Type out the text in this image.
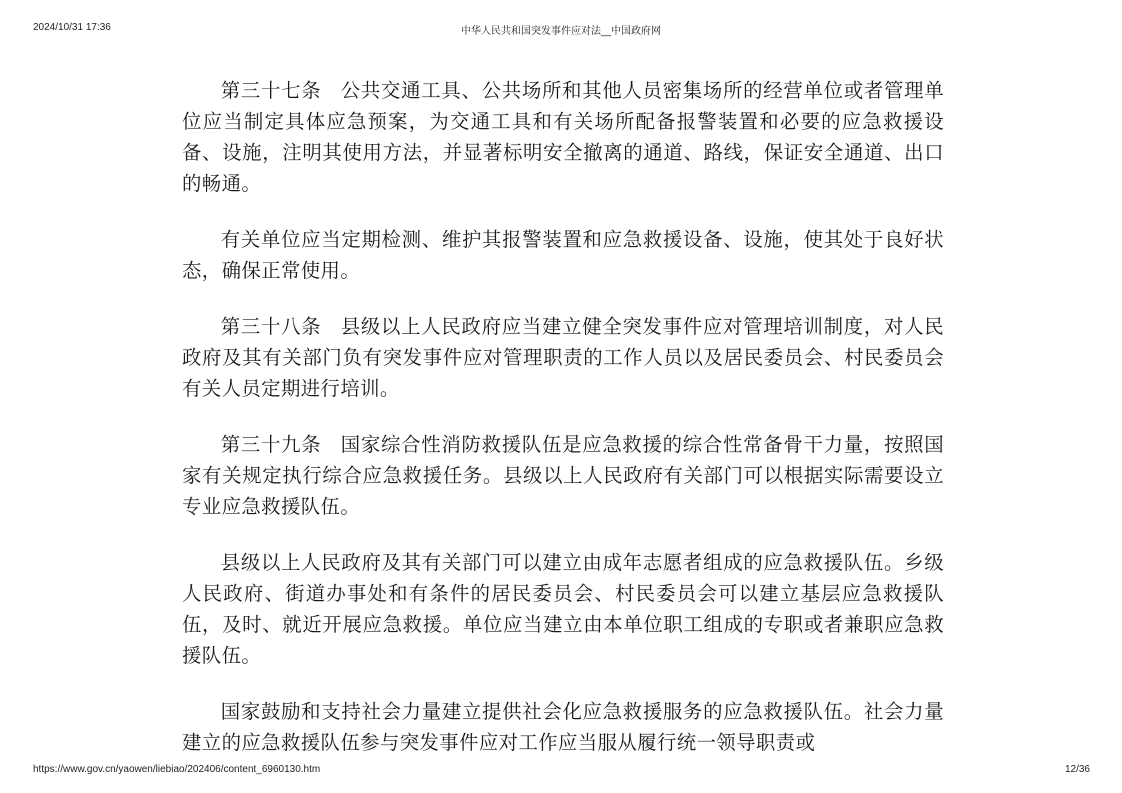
2024/10/31 17:36	中华人民共和国突发事件应对法__中国政府网

第三十七条 公共交通工具、公共场所和其他人员密集场所的经营单位或者管理单位应当制定具体应急预案，为交通工具和有关场所配备报警装置和必要的应急救援设备、设施，注明其使用方法，并显著标明安全撤离的通道、路线，保证安全通道、出口的畅通。

有关单位应当定期检测、维护其报警装置和应急救援设备、设施，使其处于良好状态，确保正常使用。

第三十八条 县级以上人民政府应当建立健全突发事件应对管理培训制度，对人民政府及其有关部门负有突发事件应对管理职责的工作人员以及居民委员会、村民委员会有关人员定期进行培训。

第三十九条 国家综合性消防救援队伍是应急救援的综合性常备骨干力量，按照国家有关规定执行综合应急救援任务。县级以上人民政府有关部门可以根据实际需要设立专业应急救援队伍。

县级以上人民政府及其有关部门可以建立由成年志愿者组成的应急救援队伍。乡级人民政府、街道办事处和有条件的居民委员会、村民委员会可以建立基层应急救援队伍，及时、就近开展应急救援。单位应当建立由本单位职工组成的专职或者兼职应急救援队伍。

国家鼓励和支持社会力量建立提供社会化应急救援服务的应急救援队伍。社会力量建立的应急救援队伍参与突发事件应对工作应当服从履行统一领导职责或

https://www.gov.cn/yaowen/liebiao/202406/content_6960130.htm	12/36
